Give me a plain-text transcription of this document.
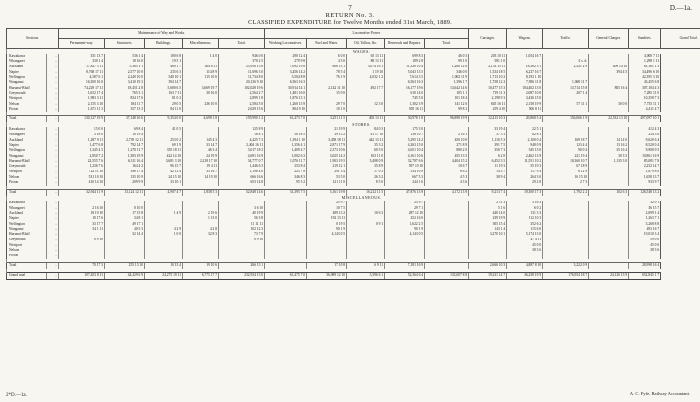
7	D.—1a.
RETURN No. 3.
CLASSIFIED EXPENDITURE for Twelve Months ended 31st March, 1889.
Sections.		Maintenance of Way and Works.					Locomotive Power.					Carriages.	Wagons.	Traffic.	General Charges.	Sundries.	Grand Total.
		Permanent-way.	Structures.	Buildings.	Miscellaneous.	Total.	Working Locomotives.	Fuel and Water.	Oil, Tallow, &c.	Renewals and Repairs.	Total.						
WAGES.																	
Kawakawa	..	351 13 7	536 1 4	100 6 8	1 4 0	946 0 0	290 12 4	6 0 0	65 13 11	699 8 3	46 0 3	203 10 11	1,054 16 7			4,000 7 11	
Whangarei	..	330 1 4	18 16 0	19 5 1		370 2 5	279 9 8	4 5 0	88 13 11	189 2 8	99 1 0	581 1 0		£ s. d.		1,298 1 11	
Auckland	..	17,827 5 11	5,365 1 1	460 1 7	304 6 11	23,956 15 6	7,092 19 8	606 13 1	3,074 16 1	11,330 10 4	1,260 12 6	2,133 15 11	18,302 3 1	2,521 2 9	409 14 10	61,161 1 3	
Napier	..	8,768 17 11	2,577 10 0	235 6 3	114 8 9	11,696 3 0	3,456 14 2	78 5 4	1 19 10	5,043 13 5	546 0 0	1,534 18 5	6,237 16 7		394 4 5	34,496 6 10	
Wellington	..	4,587 6 1	2,240 10 0	540 10 1	115 10 6	11,734 8 0	3,504 8 8	76 1 9	4,032 1 2	7,614 3 5	1,002 11 9	1,713 10 2	8,193 1 10			42,395 3 10	
Wanganui	..	16,300 16 0	3,410 19 3	394 14 7		20,136 9 10	6,563 16 3			6,563 16 3	1,396 1 7	1,758 12 2	7,956 11 8	1,068 11 7		43,455 6 8	
Hurunui-Bluff	..	74,229 17 11	18,451 2 8	5,680 6 5	3,669 19 7	102,028 19 6	30,914 14 1	2,142 11 10	492 17 7	16,177 19 6	13,642 14 6	10,477 15 3	104,402 13 0	13,714 15 8	805 16 4	307,104 4 3	
Greymouth	..	1,652 17 4	765 3 1	163 7 11	30 16 0	2,564 2 7	1,481 16 0	15 0 0		610 14 0	105 1 1	719 11 3	2,087 10 0	207 1 4		7,285 11 0	
Westport	..	1,983 3 11	834 17 6	81 0 3		2,899 1 8	1,876 13 1			745 5 0	101 18 4	2,198 9 3	3,436 15 0			10,358 7 3	
Nelson	..	2,155 3 10	184 11 7	29 0 5	236 10 0	2,584 5 0	1,260 13 9	29 7 0	12 3 0	1,302 3 9	141 12 0	845 16 11	2,158 19 9	57 11 1	30 0 0	7,735 11 1	
Picton	..	1,671 11 3	357 13 3	84 11 0		2,029 15 6	804 9 10	10 1 0		505 16 11	99 8 2	259 4 10	506 8 11			4,411 4 7	

Total	..	130,127 19 9	37,148 16 6	9,354 0 0	4,698 1 8	159,990 1 2	61,473 7 0	3,251 11 5	403 13 11	30,978 1 8	96,898 19 9	12,413 10 3	20,868 5 4	156,066 1 9	22,532 13 10	497,097 10 1	
STORES.																	
Kawakawa	..	15 0 0	69 8 4	41 0 5		125 8 9		21 19 9	84 0 3	175 3 0		33 19 4	22 5 1			412 4 3	
Whangarei	..	3 18 0	10 19 4			16 8 1	56 18 5	39 15 2	41 17 10	138 10 7	2 16 1	37 5 3	62 8 3			234 3 6	
Auckland	..	1,287 9 11	2,739 12 11	253 0 2	145 4 3	4,425 7 3	1,394 1 10	3,458 18 11	442 13 11	5,295 14 2	450 10 0	1,116 5 3	2,100 0 4	169 18 7	14 14 0	9,620 6 4	
Napier	..	1,477 6 8	792 14 7	69 1 9	33 14 7	2,404 16 11	1,356 4 1	2,871 17 9	35 3 2	4,263 15 0	271 8 9	391 7 5	948 0 9	123 4 4	13 16 2	8,520 0 4	
Wellington	..	1,345 4 5	1,270 11 7	355 18 11	46 3 4	3,017 18 3	1,409 4 7	2,373 10 6	60 5 0	4,651 10 4	880 2 0	356 7 3	545 13 0	90 0 4	35 16 4	9,900 0 5	
Wanganui	..	2,850 7 2	1,383 19 9	422 14 10	24 19 9	4,691 16 9	1,002 6 3	3,025 14 2	103 11 0	4,161 10 6	455 13 5	6 2 0	2,462 13 9	221 19 4	30 3 5	10,861 16 9	
Hurunui-Bluff	..	22,555 7 6	6,311 16 4	3,681 3 10	2,218 17 10	34,777 0 7	1,076 11 7	1,903 19 5	5,408 0 9	32,787 6 6	4,404 15 2	6,452 3 5	11,551 10 2	10,360 10 7	1,135 3 0	85,081 7 8	
Greymouth	..	1,236 7 6	164 4 2	96 15 7	19 4 11	1,446 6 3	353 8 4	219 12 1	35 8 9	597 10 10	10 6 7	11 19 3	55 19 3	67 18 9		2,252 14 7	
Westport	..	722 11 10	396 17 4	42 13 4	33 16 7	1,196 4 0	223 7 8	291 3 4	17 0 3	534 10 9	6 6 2	14 3 7	117 9 4	6 12 9		1,879 8 0	
Nelson	..	531 10 10	135 10 9	24 15 10	14 19 10	666 16 6	346 8 3	53 5 0	26 3 2	667 5 3	4 5 3	38 9 4	264 3 0	16 15 10		1,658 13 7	
Picton	..	410 14 10	209 9 9	33 10 1		653 14 8	95 5 2	121 11 0	8 5 0	244 1 6	4 3 6		29 2 8	2 7 3		933 9 7	

Total	..	32,944 11 9	13,124 12 11	4,907 4 7	1,838 5 3	52,848 14 6	31,395 7 5	5,161 19 8	16,212 11 5	47,876 13 9	4,172 13 9	9,213 7 4	19,300 17 3	1,792 2 2	102 6 3	126,548 13 2	
MISCELLANEOUS.																	
Kawakawa	..							25 9 7		25 9 7		2 11 3	3 16 3			32 0 1	
Whangarei	..	2 16 10	0 10 0			3 6 10		10 7 5		29 7 1		5 1 6	6 0 2			36 15 7	
Auckland	..	18 19 10	17 15 8	1 4 9	2 19 6	40 19 9		289 13 2	10 6 3	287 12 10		440 14 0	131 3 3			2,099 1 4	
Napier	..	10 17 6	34 8 1		1 13 0	56 3 8		192 13 11		252 16 0		239 19 9	112 10 3			1,263 7 1	
Wellington	..	33 17 7	49 17 1			11 11 11		0 19 5	0 9 1	1,622 2 5		305 15 4	352 6 2			3,268 8 8	
Wanganui	..	54 1 11	40 5 3	4 2 9	4 2 8	102 12 3		90 1 9		90 1 9		143 1 4	115 6 0			493 16 7	
Hurunui-Bluff	..		32 14 4	1 0 0	32 8 3	73 7 9		4,143 0 5		4,143 0 5		3,270 10 1	5,174 13 0			19,010 3 4	
Greymouth	..	0 9 10				0 9 10							47 4 11			59 0 0	
Westport	..												45 0 0			45 0 0	
Nelson	..												38 3 6			38 3 6	
Picton	..																

Total	..	70 17 3	255 13 10	10 13 4	19 10 6	266 13 1		17 10 8	6 9 11	7,181 16 9		2,666 10 3	4,887 8 10	3,222 0 9		28,998 16 4	

Grand total	..	107,453 8 11	44,429 6 9	24,275 19 11	6,775 17 7	232,934 13 0	61,475 7 0	36,089 12 10	5,396 6 1	52,364 6 4	133,607 8 8	19,231 14 7	36,258 19 9	176,954 18 7	24,126 13 9	652,845 1 7	
A. C. Fyfe, Railway Accountant.
2*D.—1a.
